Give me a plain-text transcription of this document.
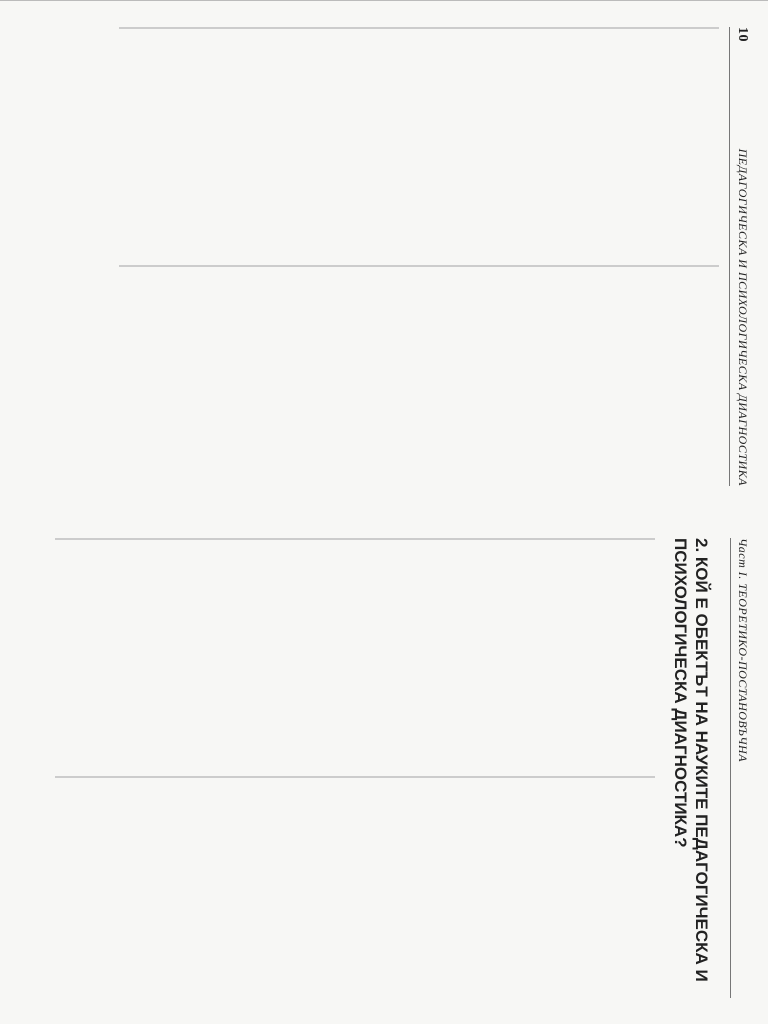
Част I. ТЕОРЕТИКО-ПОСТАНОВЪЧНА
2. КОЙ Е ОБЕКТЪТ НА НАУКИТЕ ПЕДАГОГИЧЕСКА И ПСИХОЛОГИЧЕСКА ДИАГНОСТИКА?
10
ПЕДАГОГИЧЕСКА И ПСИХОЛОГИЧЕСКА ДИАГНОСТИКА
